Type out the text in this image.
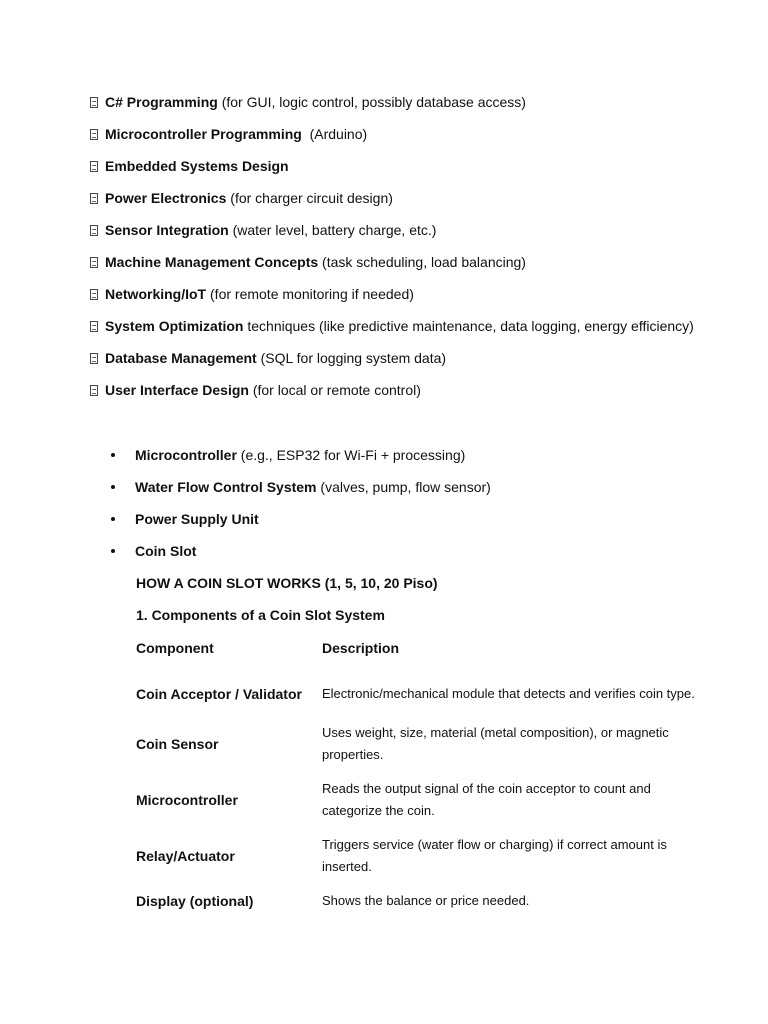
C# Programming (for GUI, logic control, possibly database access)
Microcontroller Programming (Arduino)
Embedded Systems Design
Power Electronics (for charger circuit design)
Sensor Integration (water level, battery charge, etc.)
Machine Management Concepts (task scheduling, load balancing)
Networking/IoT (for remote monitoring if needed)
System Optimization techniques (like predictive maintenance, data logging, energy efficiency)
Database Management (SQL for logging system data)
User Interface Design (for local or remote control)
Microcontroller (e.g., ESP32 for Wi-Fi + processing)
Water Flow Control System (valves, pump, flow sensor)
Power Supply Unit
Coin Slot
HOW A COIN SLOT WORKS (1, 5, 10, 20 Piso)
1. Components of a Coin Slot System
Component	Description

Coin Acceptor / Validator	Electronic/mechanical module that detects and verifies coin type.
Coin Sensor	Uses weight, size, material (metal composition), or magnetic properties.
Microcontroller	Reads the output signal of the coin acceptor to count and categorize the coin.
Relay/Actuator	Triggers service (water flow or charging) if correct amount is inserted.
Display (optional)	Shows the balance or price needed.
